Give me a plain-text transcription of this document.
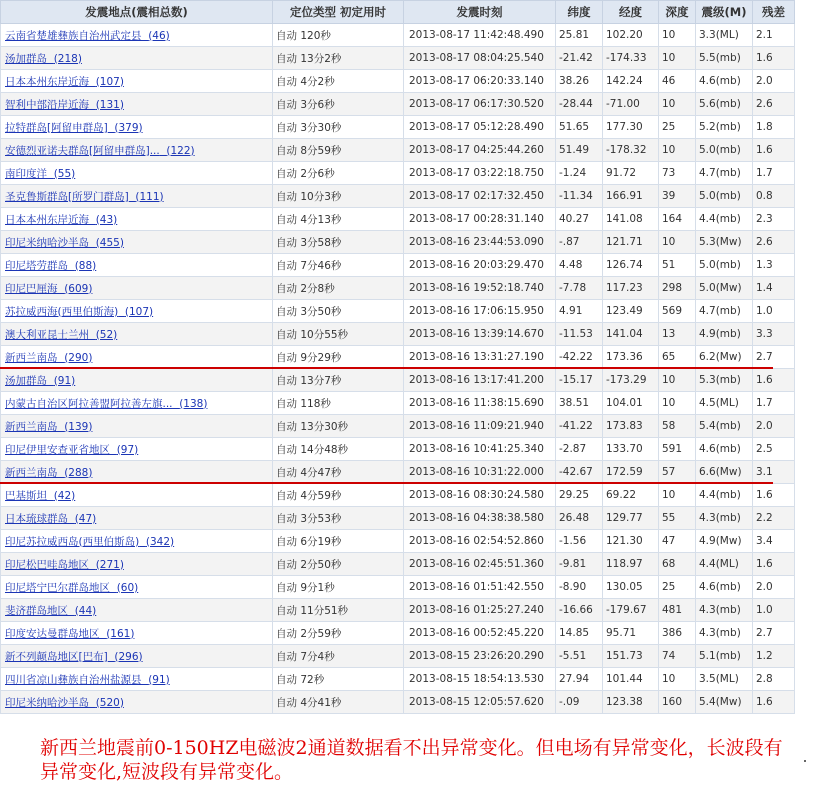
发震地点(震相总数)	定位类型 初定用时	发震时刻	纬度	经度	深度	震级(M)	残差
云南省楚雄彝族自治州武定县 (46)	自动 120秒	2013-08-17 11:42:48.490	25.81	102.20	10	3.3(ML)	2.1
汤加群岛 (218)	自动 13分2秒	2013-08-17 08:04:25.540	-21.42	-174.33	10	5.5(mb)	1.6
日本本州东岸近海 (107)	自动 4分2秒	2013-08-17 06:20:33.140	38.26	142.24	46	4.6(mb)	2.0
智利中部沿岸近海 (131)	自动 3分6秒	2013-08-17 06:17:30.520	-28.44	-71.00	10	5.6(mb)	2.6
拉特群岛[阿留申群岛] (379)	自动 3分30秒	2013-08-17 05:12:28.490	51.65	177.30	25	5.2(mb)	1.8
安德烈亚诺夫群岛[阿留申群岛]... (122)	自动 8分59秒	2013-08-17 04:25:44.260	51.49	-178.32	10	5.0(mb)	1.6
南印度洋 (55)	自动 2分6秒	2013-08-17 03:22:18.750	-1.24	91.72	73	4.7(mb)	1.7
圣克鲁斯群岛[所罗门群岛] (111)	自动 10分3秒	2013-08-17 02:17:32.450	-11.34	166.91	39	5.0(mb)	0.8
日本本州东岸近海 (43)	自动 4分13秒	2013-08-17 00:28:31.140	40.27	141.08	164	4.4(mb)	2.3
印尼米纳哈沙半岛 (455)	自动 3分58秒	2013-08-16 23:44:53.090	-.87	121.71	10	5.3(Mw)	2.6
印尼塔劳群岛 (88)	自动 7分46秒	2013-08-16 20:03:29.470	4.48	126.74	51	5.0(mb)	1.3
印尼巴厘海 (609)	自动 2分8秒	2013-08-16 19:52:18.740	-7.78	117.23	298	5.0(Mw)	1.4
苏拉威西海(西里伯斯海) (107)	自动 3分50秒	2013-08-16 17:06:15.950	4.91	123.49	569	4.7(mb)	1.0
澳大利亚昆士兰州 (52)	自动 10分55秒	2013-08-16 13:39:14.670	-11.53	141.04	13	4.9(mb)	3.3
新西兰南岛 (290)	自动 9分29秒	2013-08-16 13:31:27.190	-42.22	173.36	65	6.2(Mw)	2.7
汤加群岛 (91)	自动 13分7秒	2013-08-16 13:17:41.200	-15.17	-173.29	10	5.3(mb)	1.6
内蒙古自治区阿拉善盟阿拉善左旗... (138)	自动 118秒	2013-08-16 11:38:15.690	38.51	104.01	10	4.5(ML)	1.7
新西兰南岛 (139)	自动 13分30秒	2013-08-16 11:09:21.940	-41.22	173.83	58	5.4(mb)	2.0
印尼伊里安查亚省地区 (97)	自动 14分48秒	2013-08-16 10:41:25.340	-2.87	133.70	591	4.6(mb)	2.5
新西兰南岛 (288)	自动 4分47秒	2013-08-16 10:31:22.000	-42.67	172.59	57	6.6(Mw)	3.1
巴基斯坦 (42)	自动 4分59秒	2013-08-16 08:30:24.580	29.25	69.22	10	4.4(mb)	1.6
日本琉球群岛 (47)	自动 3分53秒	2013-08-16 04:38:38.580	26.48	129.77	55	4.3(mb)	2.2
印尼苏拉威西岛(西里伯斯岛) (342)	自动 6分19秒	2013-08-16 02:54:52.860	-1.56	121.30	47	4.9(Mw)	3.4
印尼松巴哇岛地区 (271)	自动 2分50秒	2013-08-16 02:45:51.360	-9.81	118.97	68	4.4(ML)	1.6
印尼塔宁巴尔群岛地区 (60)	自动 9分1秒	2013-08-16 01:51:42.550	-8.90	130.05	25	4.6(mb)	2.0
斐济群岛地区 (44)	自动 11分51秒	2013-08-16 01:25:27.240	-16.66	-179.67	481	4.3(mb)	1.0
印度安达曼群岛地区 (161)	自动 2分59秒	2013-08-16 00:52:45.220	14.85	95.71	386	4.3(mb)	2.7
新不列颠岛地区[巴布] (296)	自动 7分4秒	2013-08-15 23:26:20.290	-5.51	151.73	74	5.1(mb)	1.2
四川省凉山彝族自治州盐源县 (91)	自动 72秒	2013-08-15 18:54:13.530	27.94	101.44	10	3.5(ML)	2.8
印尼米纳哈沙半岛 (520)	自动 4分41秒	2013-08-15 12:05:57.620	-.09	123.38	160	5.4(Mw)	1.6

新西兰地震前0-150HZ电磁波2通道数据看不出异常变化。但电场有异常变化，长波段有异常变化,短波段有异常变化。
